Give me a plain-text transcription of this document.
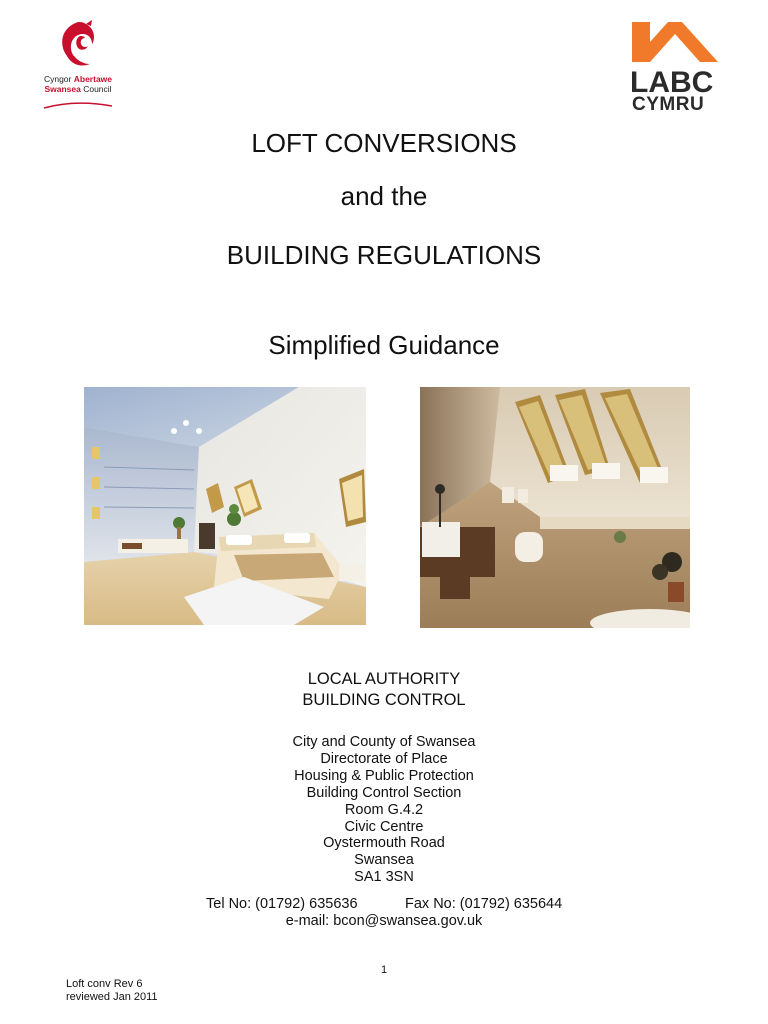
Cyngor Abertawe
Swansea Council	LABC
CYMRU
LOFT CONVERSIONS
and the
BUILDING REGULATIONS
Simplified Guidance
LOCAL AUTHORITY
BUILDING CONTROL
City and County of Swansea
Directorate of Place
Housing & Public Protection
Building Control Section
Room G.4.2
Civic Centre
Oystermouth Road
Swansea
SA1 3SN
Tel No: (01792) 635636	Fax No: (01792) 635644
e-mail: bcon@swansea.gov.uk
1
Loft conv Rev 6
reviewed Jan 2011
